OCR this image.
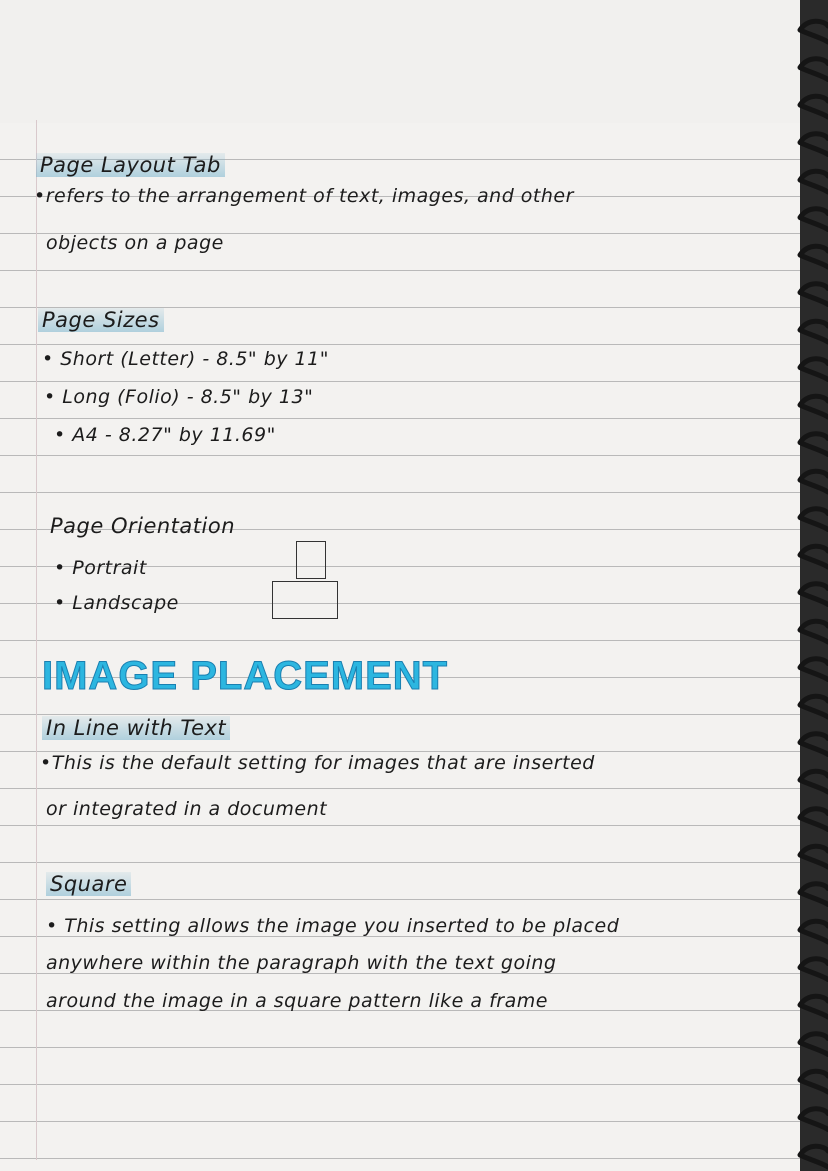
Page Layout Tab
•refers to the arrangement of text, images, and other
objects on a page
Page Sizes
• Short (Letter) - 8.5" by 11"
• Long (Folio) - 8.5" by 13"
• A4 - 8.27" by 11.69"
Page Orientation
• Portrait
• Landscape
IMAGE PLACEMENT
In Line with Text
•This is the default setting for images that are inserted
or integrated in a document
Square
• This setting allows the image you inserted to be placed
anywhere within the paragraph with the text going
around the image in a square pattern like a frame
